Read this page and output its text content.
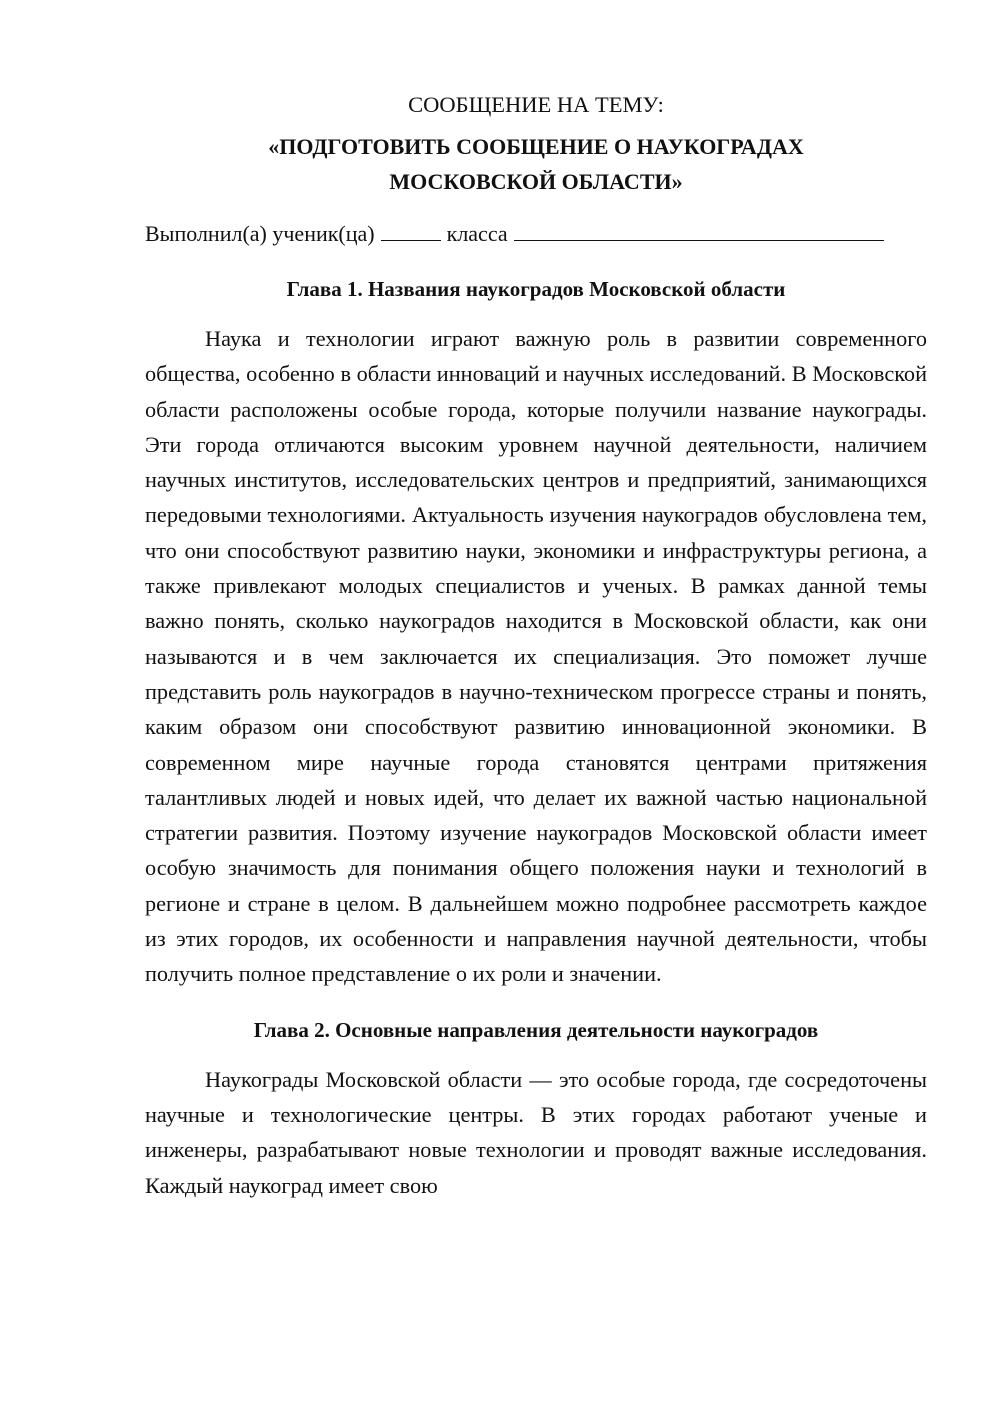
СООБЩЕНИЕ НА ТЕМУ:

«ПОДГОТОВИТЬ СООБЩЕНИЕ О НАУКОГРАДАХ
МОСКОВСКОЙ ОБЛАСТИ»
Выполнил(а) ученик(ца)	класса
Глава 1. Названия наукоградов Московской области

Наука и технологии играют важную роль в развитии современного общества, особенно в области инноваций и научных исследований. В Московской области расположены особые города, которые получили название наукограды. Эти города отличаются высоким уровнем научной деятельности, наличием научных институтов, исследовательских центров и предприятий, занимающихся передовыми технологиями. Актуальность изучения наукоградов обусловлена тем, что они способствуют развитию науки, экономики и инфраструктуры региона, а также привлекают молодых специалистов и ученых. В рамках данной темы важно понять, сколько наукоградов находится в Московской области, как они называются и в чем заключается их специализация. Это поможет лучше представить роль наукоградов в научно-техническом прогрессе страны и понять, каким образом они способствуют развитию инновационной экономики. В современном мире научные города становятся центрами притяжения талантливых людей и новых идей, что делает их важной частью национальной стратегии развития. Поэтому изучение наукоградов Московской области имеет особую значимость для понимания общего положения науки и технологий в регионе и стране в целом. В дальнейшем можно подробнее рассмотреть каждое из этих городов, их особенности и направления научной деятельности, чтобы получить полное представление о их роли и значении.

Глава 2. Основные направления деятельности наукоградов

Наукограды Московской области — это особые города, где сосредоточены научные и технологические центры. В этих городах работают ученые и инженеры, разрабатывают новые технологии и проводят важные исследования. Каждый наукоград имеет свою
